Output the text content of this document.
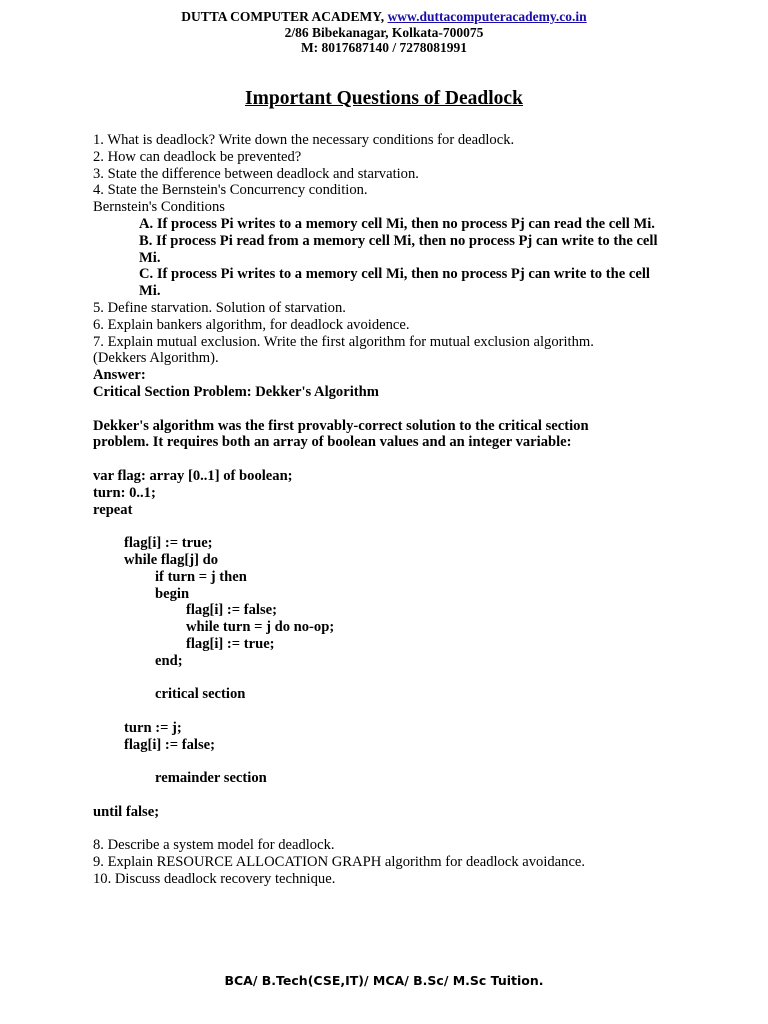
DUTTA COMPUTER ACADEMY, www.duttacomputeracademy.co.in
2/86 Bibekanagar, Kolkata-700075
M: 8017687140 / 7278081991
Important Questions of Deadlock
1. What is deadlock? Write down the necessary conditions for deadlock.
2. How can deadlock be prevented?
3. State the difference between deadlock and starvation.
4. State the Bernstein's Concurrency condition.
Bernstein's Conditions
A. If process Pi writes to a memory cell Mi, then no process Pj can read the cell Mi.
B. If process Pi read from a memory cell Mi, then no process Pj can write to the cell Mi.
C. If process Pi writes to a memory cell Mi, then no process Pj can write to the cell Mi.
5. Define starvation. Solution of starvation.
6. Explain bankers algorithm, for deadlock avoidence.
7. Explain mutual exclusion. Write the first algorithm for mutual exclusion algorithm.
(Dekkers Algorithm).
Answer:
Critical Section Problem: Dekker's Algorithm
Dekker's algorithm was the first provably-correct solution to the critical section
problem. It requires both an array of boolean values and an integer variable:
var flag: array [0..1] of boolean;
turn: 0..1;
repeat
flag[i] := true;
while flag[j] do
if turn = j then
begin
flag[i] := false;
while turn = j do no-op;
flag[i] := true;
end;
critical section
turn := j;
flag[i] := false;
remainder section
until false;
8. Describe a system model for deadlock.
9. Explain RESOURCE ALLOCATION GRAPH algorithm for deadlock avoidance.
10. Discuss deadlock recovery technique.
BCA/ B.Tech(CSE,IT)/ MCA/ B.Sc/ M.Sc Tuition.
